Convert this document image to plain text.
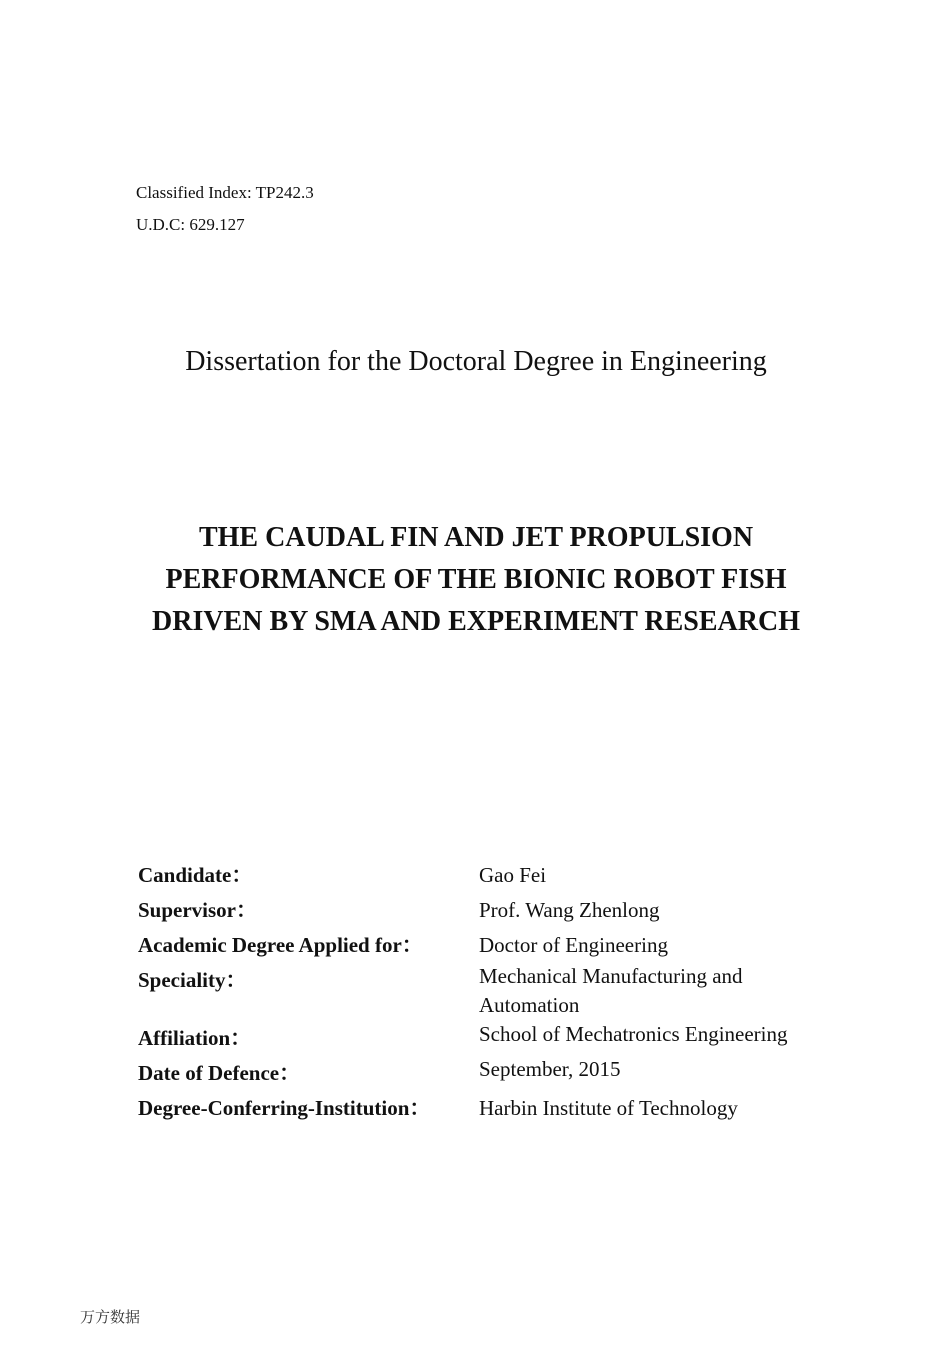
Classified Index: TP242.3
U.D.C: 629.127
Dissertation for the Doctoral Degree in Engineering
THE CAUDAL FIN AND JET PROPULSION
PERFORMANCE OF THE BIONIC ROBOT FISH
DRIVEN BY SMA AND EXPERIMENT RESEARCH
Candidate：	Gao Fei
Supervisor：	Prof. Wang Zhenlong
Academic Degree Applied for：	Doctor of Engineering
Speciality：	Mechanical Manufacturing and Automation
Affiliation：	School of Mechatronics Engineering
Date of Defence：	September, 2015
Degree-Conferring-Institution： Harbin Institute of Technology
万方数据
